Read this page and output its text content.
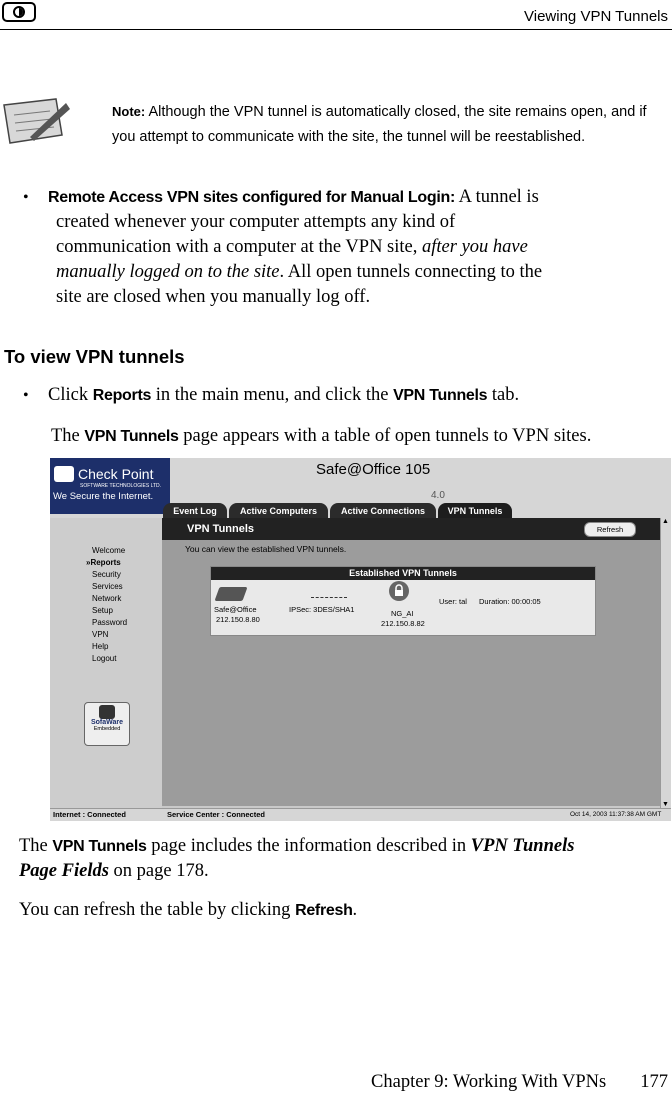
Viewing VPN Tunnels
Note: Although the VPN tunnel is automatically closed, the site remains open, and if you attempt to communicate with the site, the tunnel will be reestablished.
• Remote Access VPN sites configured for Manual Login: A tunnel is
created whenever your computer attempts any kind of
communication with a computer at the VPN site, after you have
manually logged on to the site. All open tunnels connecting to the
site are closed when you manually log off.
To view VPN tunnels
• Click Reports in the main menu, and click the VPN Tunnels tab.
The VPN Tunnels page appears with a table of open tunnels to VPN sites.
Check Point
SOFTWARE TECHNOLOGIES LTD.
We Secure the Internet.
Safe@Office 105
4.0
Event Log	Active Computers	Active Connections	VPN Tunnels
Welcome
»Reports
Security
Services
Network
Setup
Password
VPN
Help
Logout
SofaWare
Embedded
VPN Tunnels	Refresh
You can view the established VPN tunnels.
Established VPN Tunnels
Safe@Office
212.150.8.80
IPSec: 3DES/SHA1	NG_AI
212.150.8.82
User: tal Duration: 00:00:05
▲
▼
Internet : Connected	Service Center : Connected	Oct 14, 2003 11:37:38 AM GMT
The VPN Tunnels page includes the information described in VPN Tunnels
Page Fields on page 178.
You can refresh the table by clicking Refresh.
Chapter 9: Working With VPNs 177
